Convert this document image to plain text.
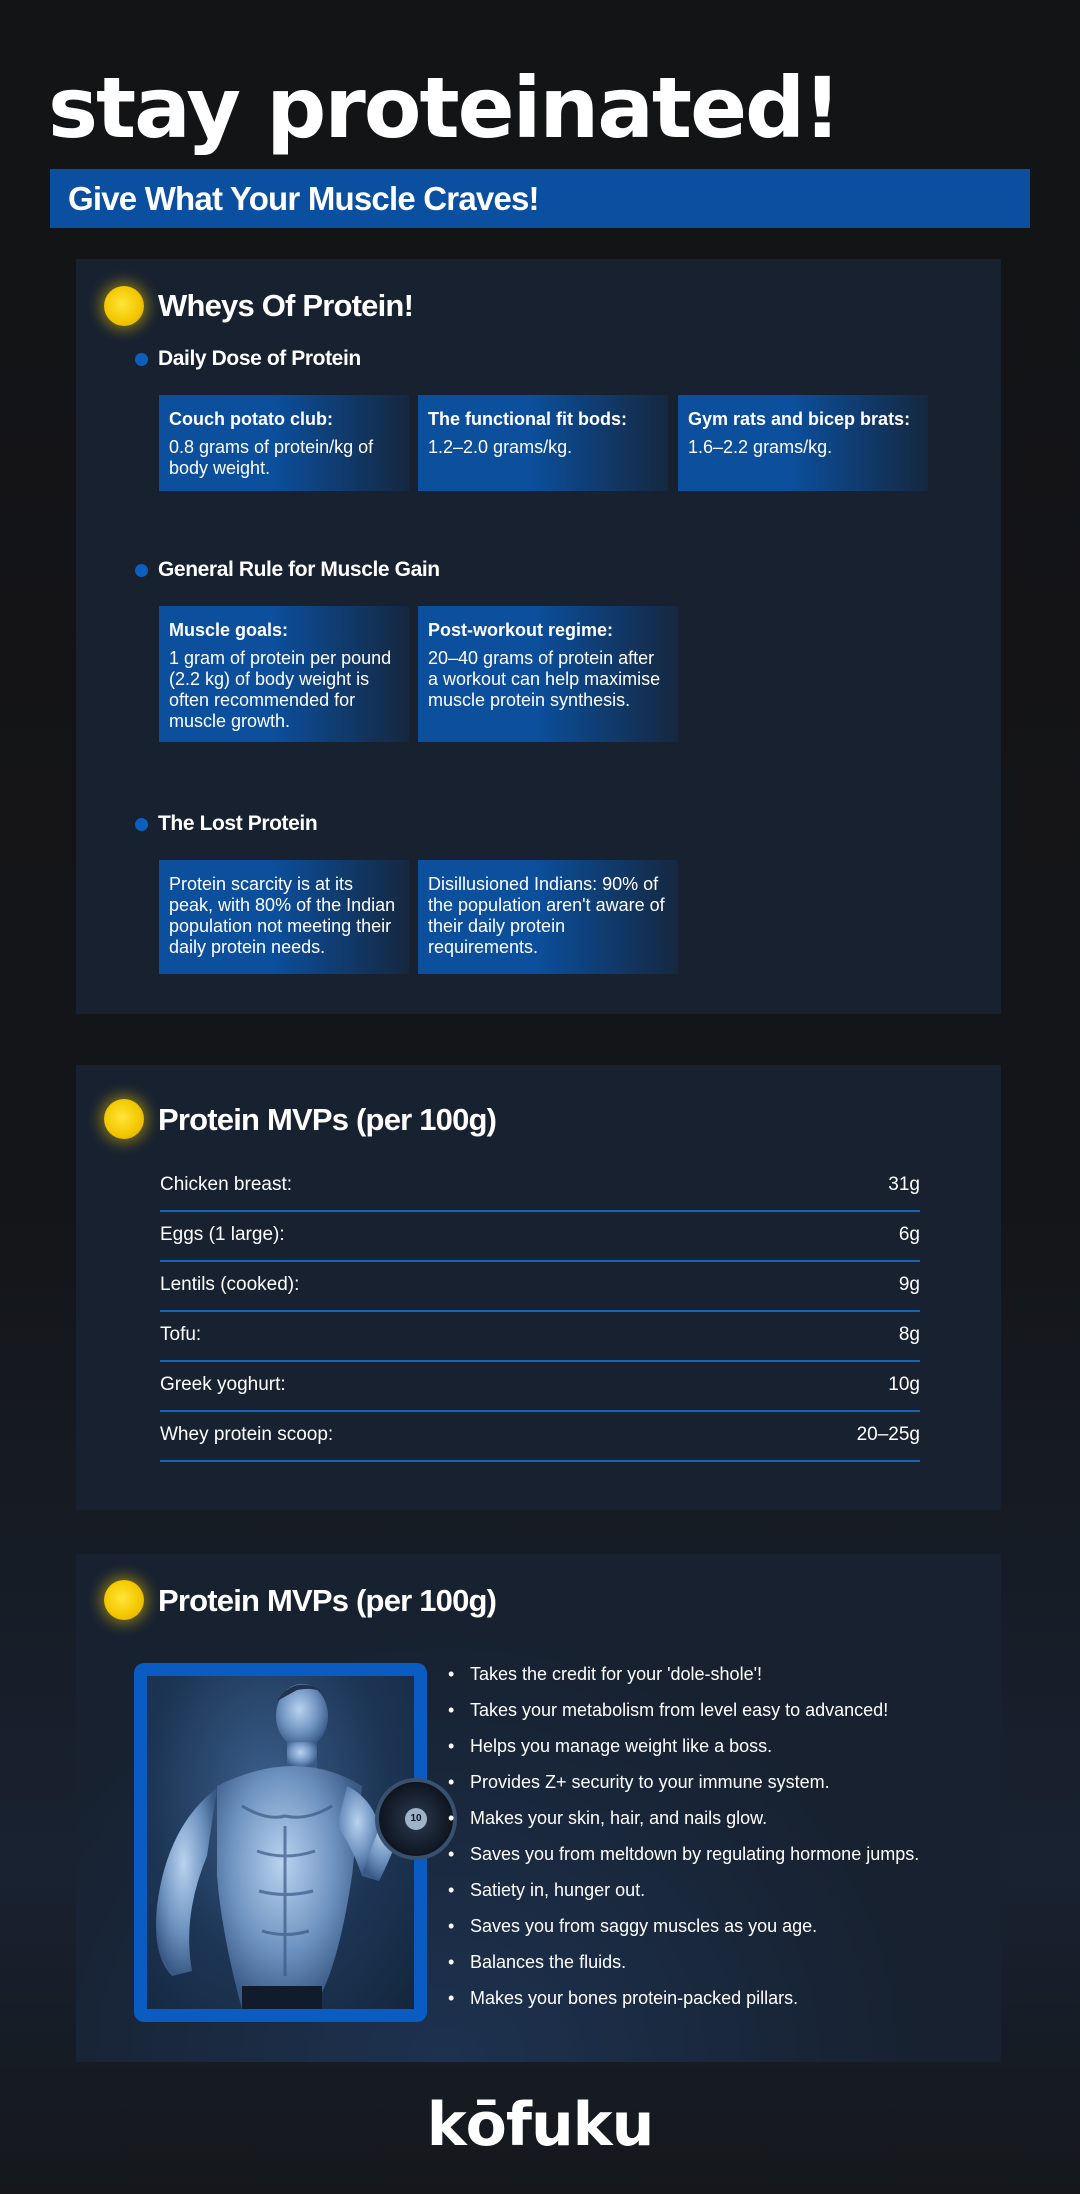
stay proteinated!
Give What Your Muscle Craves!
Wheys Of Protein!
Daily Dose of Protein
Couch potato club:
0.8 grams of protein/kg of body weight.
The functional fit bods:
1.2–2.0 grams/kg.
Gym rats and bicep brats:
1.6–2.2 grams/kg.
General Rule for Muscle Gain
Muscle goals:
1 gram of protein per pound (2.2 kg) of body weight is often recommended for muscle growth.
Post-workout regime:
20–40 grams of protein after a workout can help maximise muscle protein synthesis.
The Lost Protein
Protein scarcity is at its peak, with 80% of the Indian population not meeting their daily protein needs.
Disillusioned Indians: 90% of the population aren't aware of their daily protein requirements.
Protein MVPs (per 100g)
Chicken breast:	31g
Eggs (1 large):	6g
Lentils (cooked):	9g
Tofu:	8g
Greek yoghurt:	10g
Whey protein scoop:	20–25g
Protein MVPs (per 100g)
10
• Takes the credit for your 'dole-shole'!
• Takes your metabolism from level easy to advanced!
• Helps you manage weight like a boss.
• Provides Z+ security to your immune system.
• Makes your skin, hair, and nails glow.
• Saves you from meltdown by regulating hormone jumps.
• Satiety in, hunger out.
• Saves you from saggy muscles as you age.
• Balances the fluids.
• Makes your bones protein-packed pillars.
kōfuku
